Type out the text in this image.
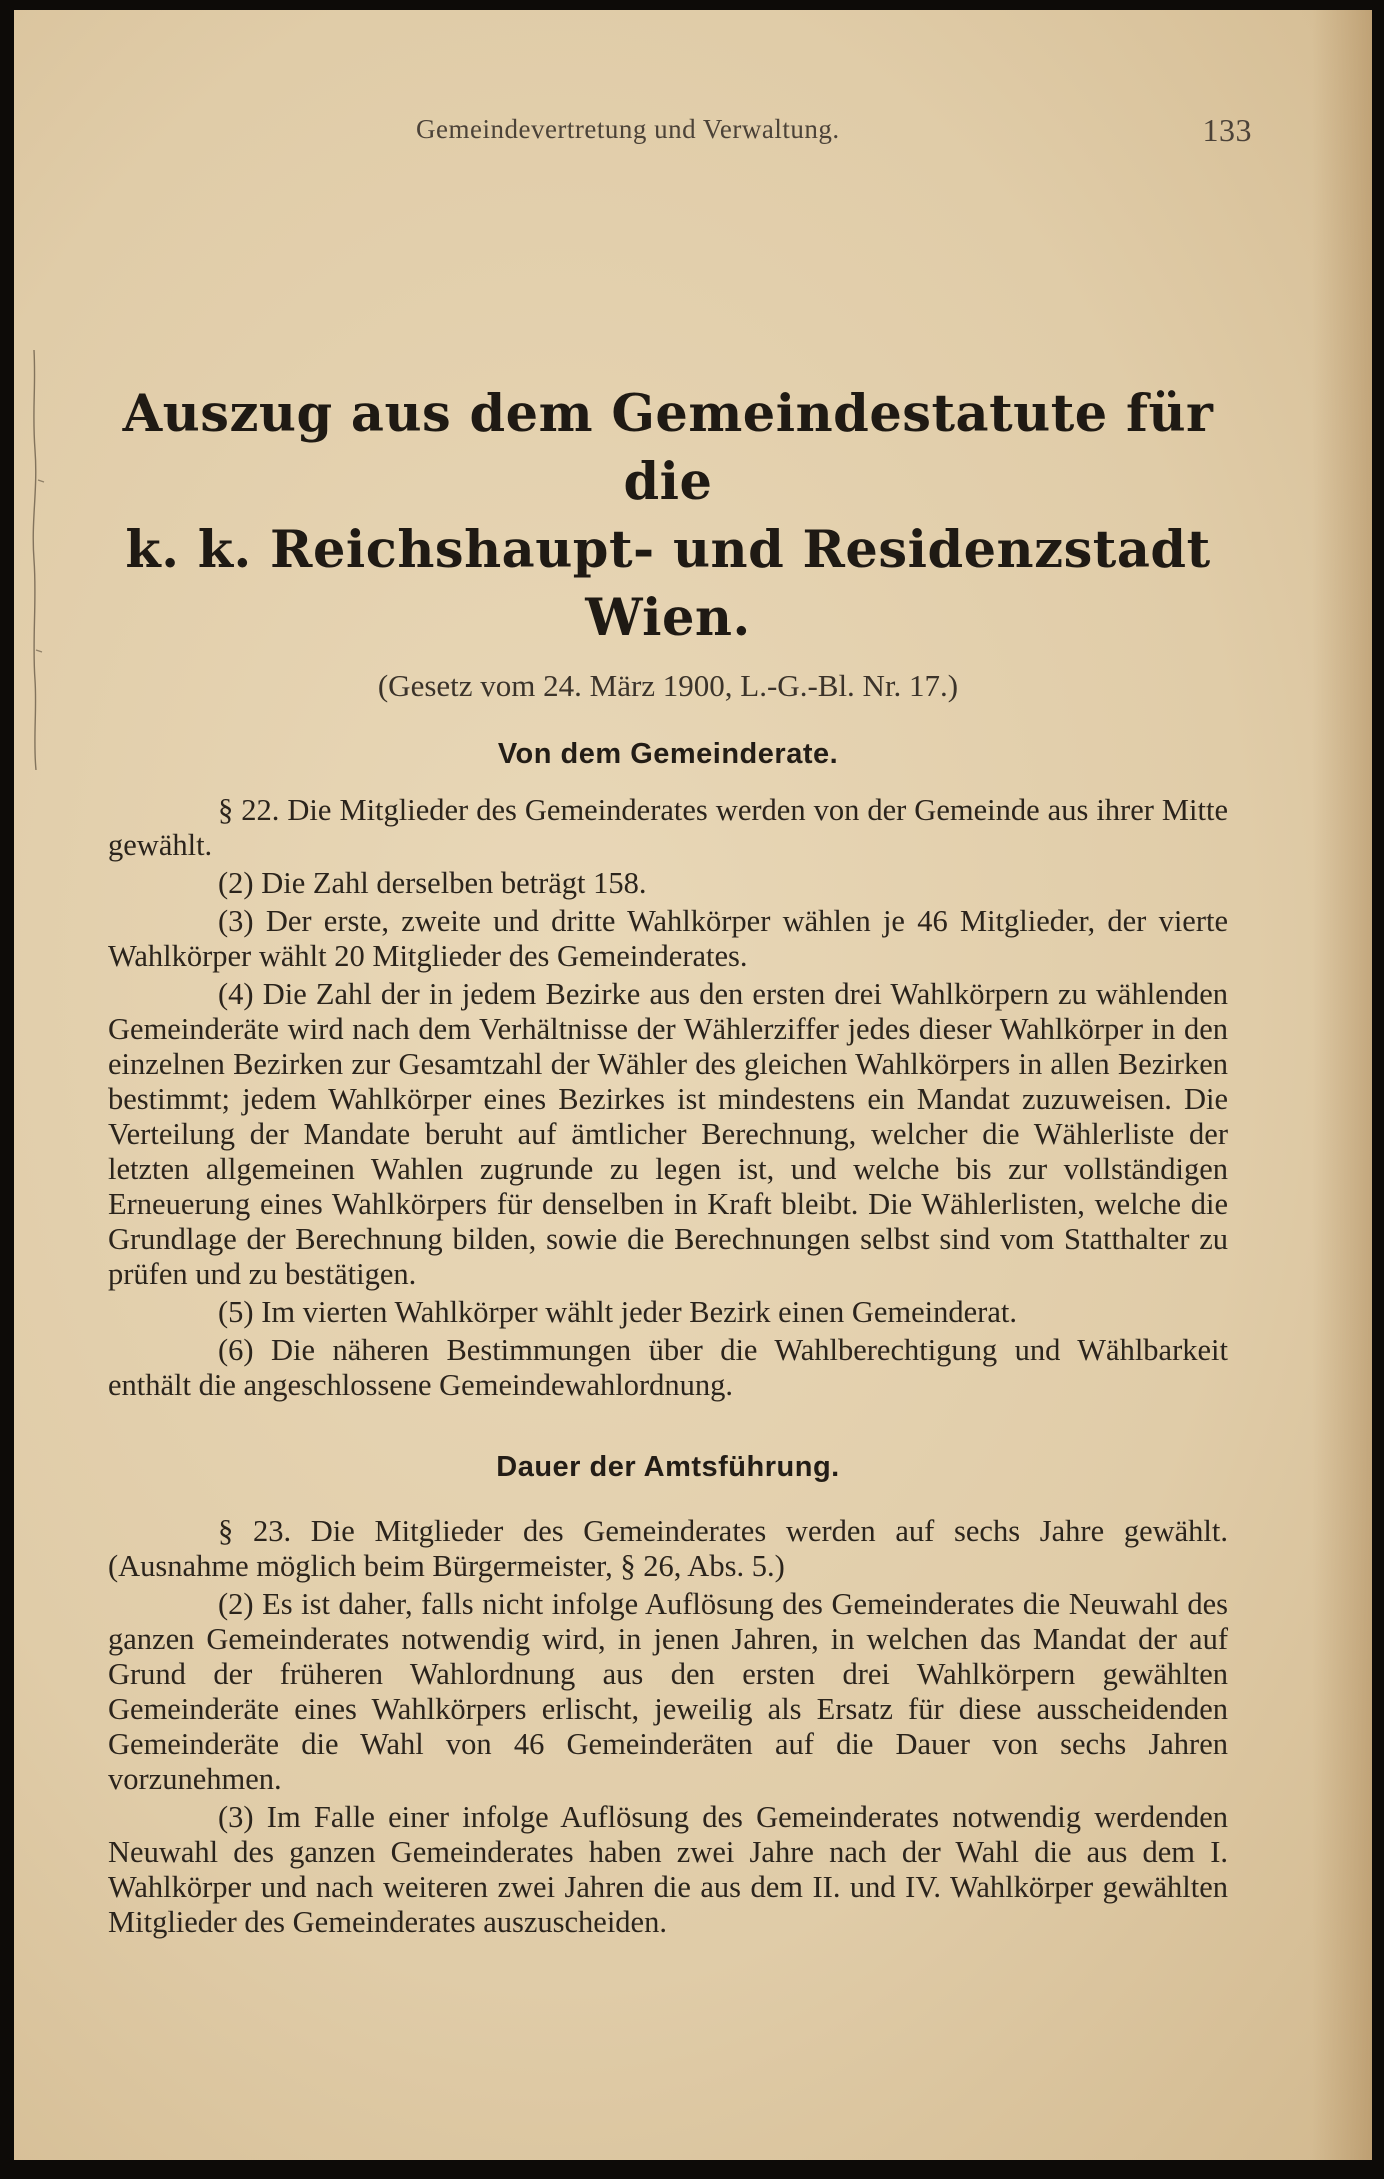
Gemeindevertretung und Verwaltung.	133
Auszug aus dem Gemeindestatute für die
k. k. Reichshaupt- und Residenzstadt Wien.
(Gesetz vom 24. März 1900, L.-G.-Bl. Nr. 17.)
Von dem Gemeinderate.

§ 22. Die Mitglieder des Gemeinderates werden von der Gemeinde aus ihrer Mitte gewählt.

(2) Die Zahl derselben beträgt 158.

(3) Der erste, zweite und dritte Wahlkörper wählen je 46 Mitglieder, der vierte Wahlkörper wählt 20 Mitglieder des Gemeinderates.

(4) Die Zahl der in jedem Bezirke aus den ersten drei Wahlkörpern zu wählenden Gemeinderäte wird nach dem Verhältnisse der Wählerziffer jedes dieser Wahlkörper in den einzelnen Bezirken zur Gesamtzahl der Wähler des gleichen Wahlkörpers in allen Bezirken bestimmt; jedem Wahlkörper eines Bezirkes ist mindestens ein Mandat zuzuweisen. Die Verteilung der Mandate beruht auf ämtlicher Berechnung, welcher die Wählerliste der letzten allgemeinen Wahlen zugrunde zu legen ist, und welche bis zur vollständigen Erneuerung eines Wahlkörpers für denselben in Kraft bleibt. Die Wählerlisten, welche die Grundlage der Berechnung bilden, sowie die Berechnungen selbst sind vom Statthalter zu prüfen und zu bestätigen.

(5) Im vierten Wahlkörper wählt jeder Bezirk einen Gemeinderat.

(6) Die näheren Bestimmungen über die Wahlberechtigung und Wählbarkeit enthält die angeschlossene Gemeindewahlordnung.

Dauer der Amtsführung.

§ 23. Die Mitglieder des Gemeinderates werden auf sechs Jahre gewählt. (Ausnahme möglich beim Bürgermeister, § 26, Abs. 5.)

(2) Es ist daher, falls nicht infolge Auflösung des Gemeinderates die Neuwahl des ganzen Gemeinderates notwendig wird, in jenen Jahren, in welchen das Mandat der auf Grund der früheren Wahlordnung aus den ersten drei Wahlkörpern gewählten Gemeinderäte eines Wahlkörpers erlischt, jeweilig als Ersatz für diese ausscheidenden Gemeinderäte die Wahl von 46 Gemeinderäten auf die Dauer von sechs Jahren vorzunehmen.

(3) Im Falle einer infolge Auflösung des Gemeinderates notwendig werdenden Neuwahl des ganzen Gemeinderates haben zwei Jahre nach der Wahl die aus dem I. Wahlkörper und nach weiteren zwei Jahren die aus dem II. und IV. Wahlkörper gewählten Mitglieder des Gemeinderates auszuscheiden.
